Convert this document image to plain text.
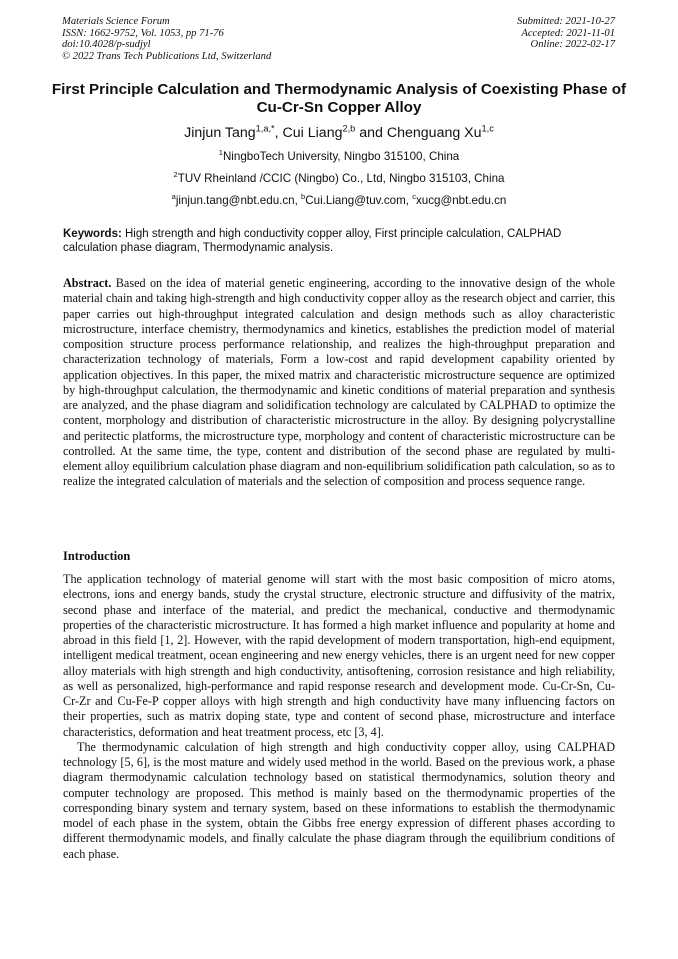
Materials Science Forum
ISSN: 1662-9752, Vol. 1053, pp 71-76
doi:10.4028/p-sudjyl
© 2022 Trans Tech Publications Ltd, Switzerland
Submitted: 2021-10-27
Accepted: 2021-11-01
Online: 2022-02-17
First Principle Calculation and Thermodynamic Analysis of Coexisting Phase of Cu-Cr-Sn Copper Alloy
Jinjun Tang$^{1,a,*}$, Cui Liang$^{2,b}$ and Chenguang Xu$^{1,c}$
$^1$NingboTech University, Ningbo 315100, China
$^2$TUV Rheinland /CCIC (Ningbo) Co., Ltd, Ningbo 315103, China
$^a$jinjun.tang@nbt.edu.cn, $^b$Cui.Liang@tuv.com, $^c$xucg@nbt.edu.cn
Keywords: High strength and high conductivity copper alloy, First principle calculation, CALPHAD calculation phase diagram, Thermodynamic analysis.
Abstract. Based on the idea of material genetic engineering, according to the innovative design of the whole material chain and taking high-strength and high conductivity copper alloy as the research object and carrier, this paper carries out high-throughput integrated calculation and design methods such as alloy characteristic microstructure, interface chemistry, thermodynamics and kinetics, establishes the prediction model of material composition structure process performance relationship, and realizes the high-throughput preparation and characterization technology of materials, Form a low-cost and rapid development capability oriented by application objectives. In this paper, the mixed matrix and characteristic microstructure sequence are optimized by high-throughput calculation, the thermodynamic and kinetic conditions of material preparation and synthesis are analyzed, and the phase diagram and solidification technology are calculated by CALPHAD to optimize the content, morphology and distribution of characteristic microstructure in the alloy. By designing polycrystalline and peritectic platforms, the microstructure type, morphology and content of characteristic microstructure can be controlled. At the same time, the type, content and distribution of the second phase are regulated by multi-element alloy equilibrium calculation phase diagram and non-equilibrium solidification path calculation, so as to realize the integrated calculation of materials and the selection of composition and process sequence range.
Introduction

The application technology of material genome will start with the most basic composition of micro atoms, electrons, ions and energy bands, study the crystal structure, electronic structure and diffusivity of the matrix, second phase and interface of the material, and predict the mechanical, conductive and thermodynamic properties of the characteristic microstructure. It has formed a high market influence and popularity at home and abroad in this field [1, 2]. However, with the rapid development of modern transportation, high-end equipment, intelligent medical treatment, ocean engineering and new energy vehicles, there is an urgent need for new copper alloy materials with high strength and high conductivity, antisoftening, corrosion resistance and high reliability, as well as personalized, high-performance and rapid response research and development mode. Cu-Cr-Sn, Cu-Cr-Zr and Cu-Fe-P copper alloys with high strength and high conductivity have many influencing factors on their properties, such as matrix doping state, type and content of second phase, microstructure and interface characteristics, deformation and heat treatment process, etc [3, 4].

The thermodynamic calculation of high strength and high conductivity copper alloy, using CALPHAD technology [5, 6], is the most mature and widely used method in the world. Based on the previous work, a phase diagram thermodynamic calculation technology based on statistical thermodynamics, solution theory and computer technology are proposed. This method is mainly based on the thermodynamic properties of the corresponding binary system and ternary system, based on these informations to establish the thermodynamic model of each phase in the system, obtain the Gibbs free energy expression of different phases according to different thermodynamic models, and finally calculate the phase diagram through the equilibrium conditions of each phase.
